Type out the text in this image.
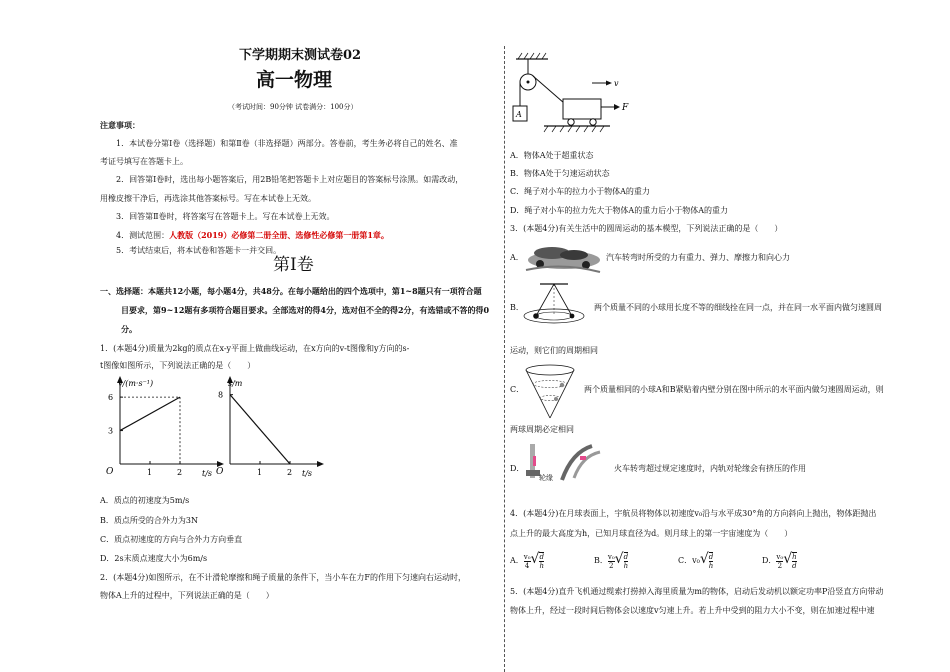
下学期期末测试卷02
高一物理
（考试时间：90分钟 试卷满分：100分）
注意事项：
1．本试卷分第Ⅰ卷（选择题）和第Ⅱ卷（非选择题）两部分。答卷前，考生务必将自己的姓名、准
考证号填写在答题卡上。
2．回答第Ⅰ卷时，选出每小题答案后，用2B铅笔把答题卡上对应题目的答案标号涂黑。如需改动，
用橡皮擦干净后，再选涂其他答案标号。写在本试卷上无效。
3．回答第Ⅱ卷时，将答案写在答题卡上。写在本试卷上无效。
4．测试范围：人教版（2019）必修第二册全册、选修性必修第一册第1章。
5．考试结束后，将本试卷和答题卡一并交回。
第Ⅰ卷
一、选择题：本题共12小题，每小题4分，共48分。在每小题给出的四个选项中，第1~8题只有一项符合题
目要求，第9~12题有多项符合题目要求。全部选对的得4分，选对但不全的得2分，有选错或不答的得0
分。
1．(本题4分)质量为2kg的质点在x-y平面上做曲线运动，在x方向的v-t图像和y方向的s-
t图像如图所示，下列说法正确的是（　　）
v/(m·s⁻¹)
t/s
O	1	2
6
3
s/m
t/s
O	1	2
8
A．质点的初速度为5m/s
B．质点所受的合外力为3N
C．质点初速度的方向与合外力方向垂直
D．2s末质点速度大小为6m/s
2．(本题4分)如图所示，在不计滑轮摩擦和绳子质量的条件下，当小车在力F的作用下匀速向右运动时，
物体A上升的过程中，下列说法正确的是（　　）
A
v
F
A．物体A处于超重状态
B．物体A处于匀速运动状态
C．绳子对小车的拉力小于物体A的重力
D．绳子对小车的拉力先大于物体A的重力后小于物体A的重力
3．(本题4分)有关生活中的圆周运动的基本模型，下列说法正确的是（　　）
A．	汽车转弯时所受的力有重力、弹力、摩擦力和向心力
B．	两个质量不同的小球用长度不等的细线拴在同一点，并在同一水平面内做匀速圆周
运动，则它们的周期相同
C．	两个质量相同的小球A和B紧贴着内壁分别在图中所示的水平面内做匀速圆周运动，则
两球周期必定相同
D．
轮缘
火车转弯超过规定速度时，内轨对轮缘会有挤压的作用
4．(本题4分)在月球表面上，宇航员将物体以初速度v₀沿与水平成30°角的方向斜向上抛出，物体距抛出
点上升的最大高度为h，已知月球直径为d。则月球上的第一宇宙速度为（　　）
A． $\frac{\text{v₀}}{4}$ √ $\frac{d}{h}$	B． $\frac{\text{v₀}}{2}$ √ $\frac{d}{h}$	C．$v_0√ \frac{d}{h}$	D． $\frac{\text{v₀}}{2}$ √ $\frac{h}{d}$
5．(本题4分)直升飞机通过缆索打捞掉入海里质量为m的物体，启动后发动机以额定功率P沿竖直方向带动
物体上升，经过一段时间后物体会以速度v匀速上升。若上升中受到的阻力大小不变，则在加速过程中速
